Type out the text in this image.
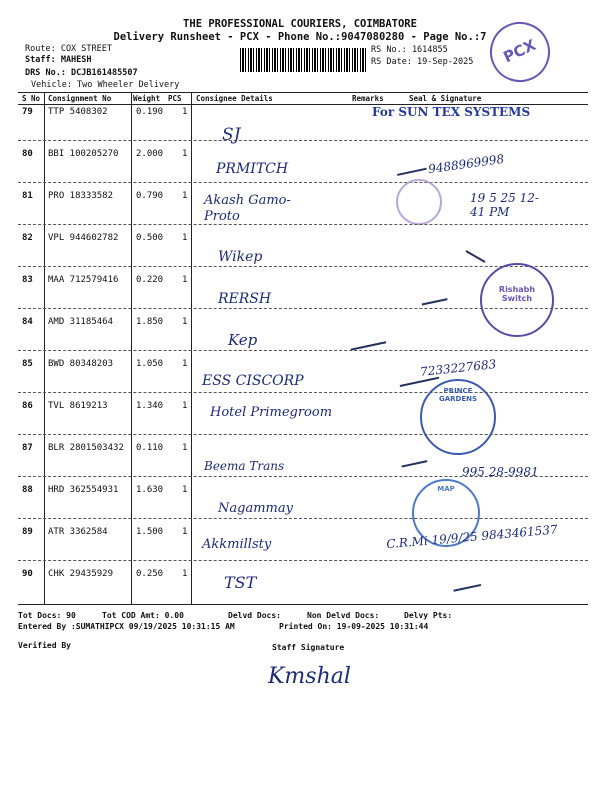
THE PROFESSIONAL COURIERS, COIMBATORE
Delivery Runsheet - PCX - Phone No.:9047080280 - Page No.:7
Route: COX STREET
Staff: MAHESH
DRS No.: DCJB161485507
Vehicle: Two Wheeler Delivery
RS No.: 1614855
RS Date: 19-Sep-2025	PCX
S No Consignment No	Weight PCS Consignee Details	Remarks	Seal & Signature
79 TTP 5408302	0.190 1
SJ
For SUN TEX SYSTEMS
80 BBI 100205270 2.000 1
PRMITCH	9488969998
81 PRO 18333582	0.790 1 Akash Gamo-Proto
19 5 25 12-41 PM
82 VPL 944602782 0.500 1
Wikep
83 MAA 712579416 0.220 1
RERSH
Rishabh Switch
84 AMD 31185464	1.850 1
Kep
85 BWD 80348203	1.050 1
ESS CISCORP
7233227683
86 TVL 8619213	1.340 1 Hotel Primegroom
PRINCE GARDENS
87 BLR 2801503432 0.110 1
Beema Trans	995 28-9981
88 HRD 362554931 1.630 1
Nagammay
MAP
89 ATR 3362584	1.500 1
Akkmillsty	C.R.Mi 19/9/25 9843461537
90 CHK 29435929	0.250 1 TST
Tot Docs: 90	Tot COD Amt: 0.00	Delvd Docs:	Non Delvd Docs:	Delvy Pts:
Entered By :SUMATHIPCX 09/19/2025 10:31:15 AM	Printed On: 19-09-2025 10:31:44
Verified By	Staff Signature
Kmshal
